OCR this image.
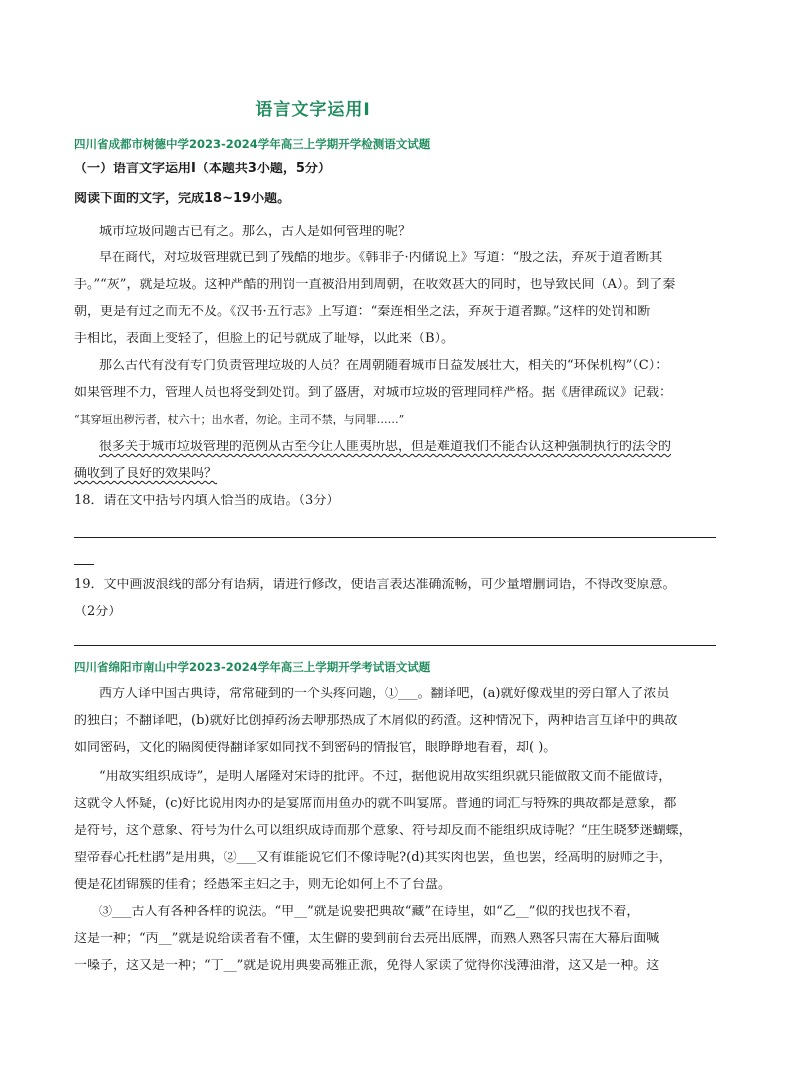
语言文字运用Ⅰ
四川省成都市树德中学2023-2024学年高三上学期开学检测语文试题
（一）语言文字运用Ⅰ（本题共3小题，5分）
阅读下面的文字，完成18~19小题。
城市垃圾问题古已有之。那么，古人是如何管理的呢？
早在商代，对垃圾管理就已到了残酷的地步。《韩非子·内储说上》写道：“殷之法，弃灰于道者断其
手。”“灰”，就是垃圾。这种严酷的刑罚一直被沿用到周朝，在收效甚大的同时，也导致民间（A）。到了秦
朝，更是有过之而无不及。《汉书·五行志》上写道：“秦连相坐之法，弃灰于道者黥。”这样的处罚和断
手相比，表面上变轻了，但脸上的记号就成了耻辱，以此来（B）。
那么古代有没有专门负责管理垃圾的人员？在周朝随着城市日益发展壮大，相关的“环保机构”（C）：
如果管理不力，管理人员也将受到处罚。到了盛唐，对城市垃圾的管理同样严格。据《唐律疏议》记载：
“其穿垣出秽污者，杖六十；出水者，勿论。主司不禁，与同罪……”
很多关于城市垃圾管理的范例从古至今让人匪夷所思，但是难道我们不能否认这种强制执行的法令的
确收到了良好的效果吗？
18．请在文中括号内填入恰当的成语。（3分）
19．文中画波浪线的部分有语病，请进行修改，使语言表达准确流畅，可少量增删词语，不得改变原意。
（2分）
四川省绵阳市南山中学2023-2024学年高三上学期开学考试语文试题
西方人译中国古典诗，常常碰到的一个头疼问题，①___。翻译吧，(a)就好像戏里的旁白窜入了浓员
的独白；不翻译吧，(b)就好比创掉药汤去咿那热成了木屑似的药渣。这种情况下，两种语言互译中的典故
如同密码，文化的隔阂使得翻译家如同找不到密码的情报官，眼睁睁地看着，却( )。
“用故实组织成诗”，是明人屠隆对宋诗的批评。不过，据他说用故实组织就只能做散文而不能做诗，
这就令人怀疑，(c)好比说用肉办的是宴席而用鱼办的就不叫宴席。普通的词汇与特殊的典故都是意象，都
是符号，这个意象、符号为什么可以组织成诗而那个意象、符号却反而不能组织成诗呢？“庄生晓梦迷蝴蝶，
望帝春心托杜鹃”是用典，②___又有谁能说它们不像诗呢?(d)其实肉也罢，鱼也罢，经高明的厨师之手，
便是花团锦簇的佳肴；经愚笨主妇之手，则无论如何上不了台盘。
③___古人有各种各样的说法。“甲__”就是说要把典故“藏”在诗里，如“乙__”似的找也找不着，
这是一种；“丙__”就是说给读者看不懂，太生僻的要到前台去亮出底牌，而熟人熟客只需在大幕后面喊
一嗓子，这又是一种；“丁__”就是说用典要高雅正派，免得人家读了觉得你浅薄油滑，这又是一种。这
